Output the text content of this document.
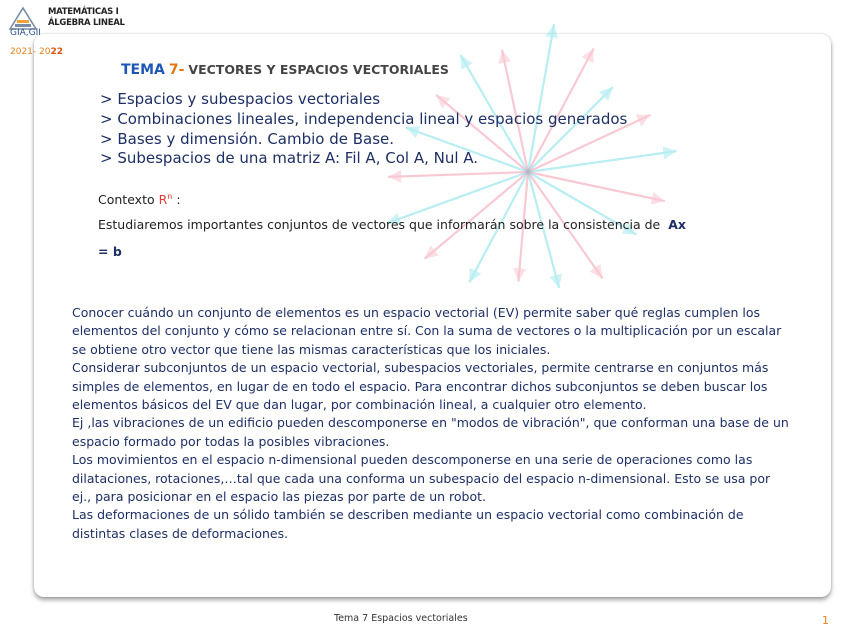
MATEMÁTICAS I
ÁLGEBRA LINEAL
GIA,GII
2021- 2022
TEMA 7- VECTORES Y ESPACIOS VECTORIALES
> Espacios y subespacios vectoriales
> Combinaciones lineales, independencia lineal y espacios generados
> Bases y dimensión. Cambio de Base.
> Subespacios de una matriz A: Fil A, Col A, Nul A.
Contexto $R^n$ :
Estudiaremos importantes conjuntos de vectores que informarán sobre la consistencia de Ax
= b

Conocer cuándo un conjunto de elementos es un espacio vectorial (EV) permite saber qué reglas cumplen los elementos del conjunto y cómo se relacionan entre sí. Con la suma de vectores o la multiplicación por un escalar se obtiene otro vector que tiene las mismas características que los iniciales.

Considerar subconjuntos de un espacio vectorial, subespacios vectoriales, permite centrarse en conjuntos más simples de elementos, en lugar de en todo el espacio. Para encontrar dichos subconjuntos se deben buscar los elementos básicos del EV que dan lugar, por combinación lineal, a cualquier otro elemento.

Ej ,las vibraciones de un edificio pueden descomponerse en "modos de vibración", que conforman una base de un espacio formado por todas la posibles vibraciones.

Los movimientos en el espacio n-dimensional pueden descomponerse en una serie de operaciones como las dilataciones, rotaciones,…tal que cada una conforma un subespacio del espacio n-dimensional. Esto se usa por ej., para posicionar en el espacio las piezas por parte de un robot.

Las deformaciones de un sólido también se describen mediante un espacio vectorial como combinación de distintas clases de deformaciones.

Tema 7 Espacios vectoriales	1
